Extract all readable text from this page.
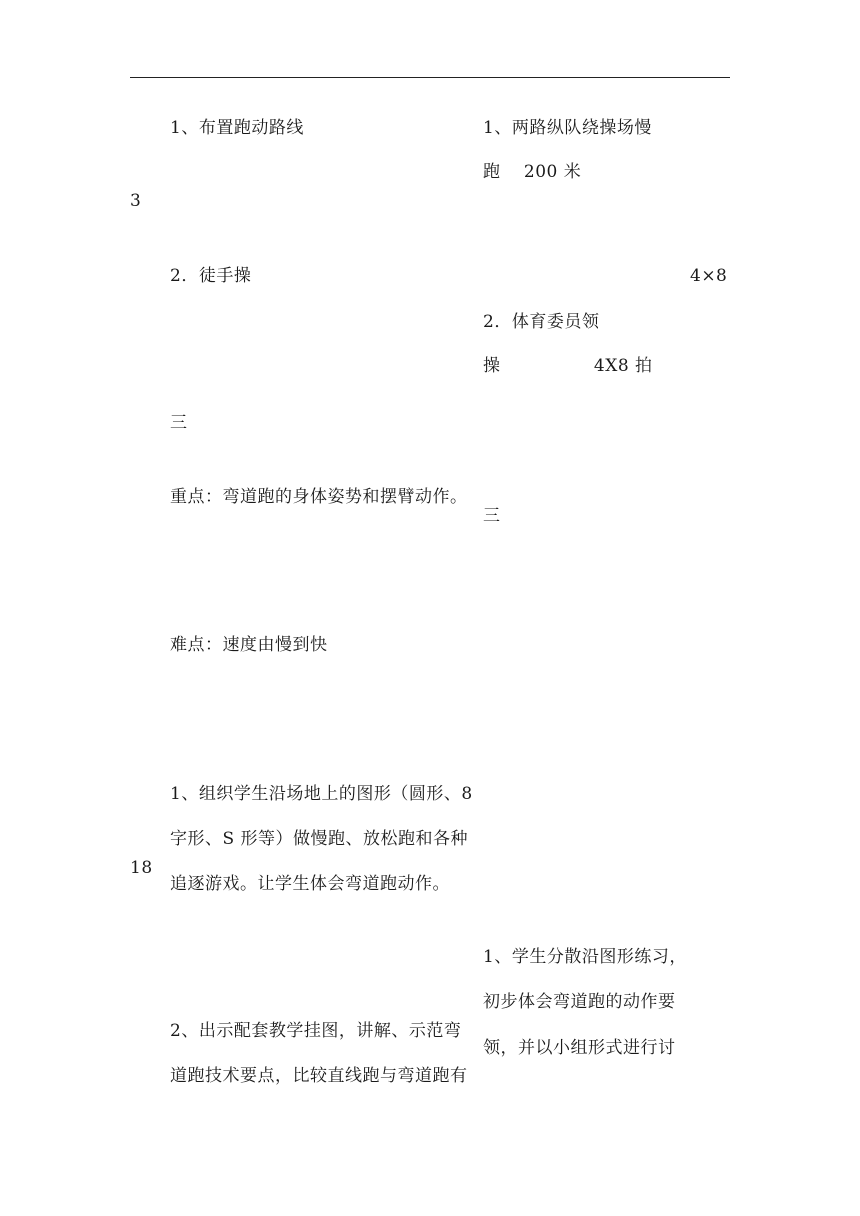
1、布置跑动路线	1、两路纵队绕操场慢
跑　 200 米
3
2．徒手操	4×8
2．体育委员领
操　　　　　 4X8 拍
三
重点：弯道跑的身体姿势和摆臂动作。
三
难点：速度由慢到快
1、组织学生沿场地上的图形（圆形、8
字形、S 形等）做慢跑、放松跑和各种
18
追逐游戏。让学生体会弯道跑动作。
1、学生分散沿图形练习，
初步体会弯道跑的动作要
2、出示配套教学挂图，讲解、示范弯
领，并以小组形式进行讨
道跑技术要点，比较直线跑与弯道跑有
